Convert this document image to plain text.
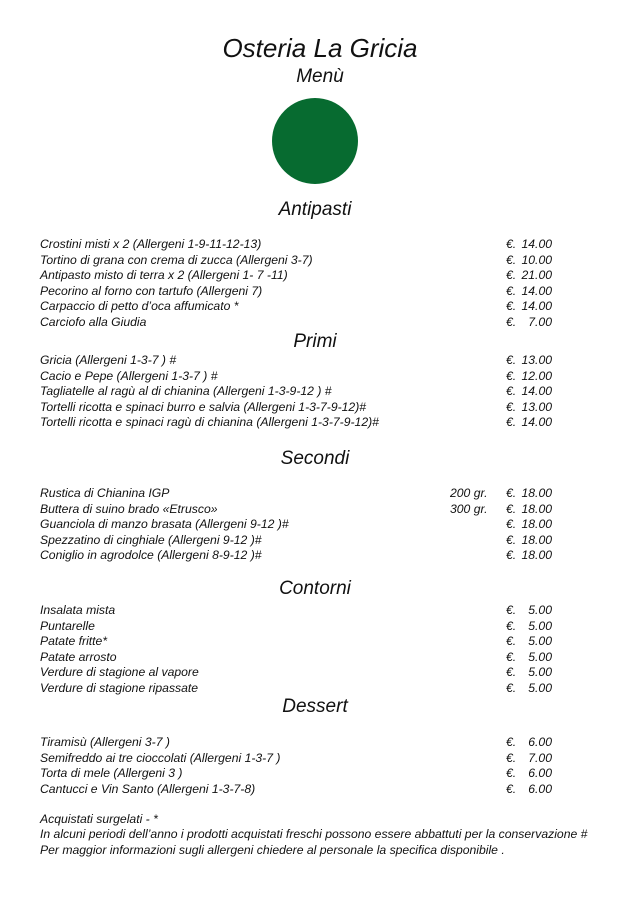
Osteria La Gricia
Menù
Antipasti
Crostini misti x 2 (Allergeni 1-9-11-12-13)	€. 14.00
Tortino di grana con crema di zucca (Allergeni 3-7)	€. 10.00
Antipasto misto di terra x 2 (Allergeni 1- 7 -11)	€. 21.00
Pecorino al forno con tartufo (Allergeni 7)	€. 14.00
Carpaccio di petto d’oca affumicato *	€. 14.00
Carciofo alla Giudia	€. 7.00
Primi
Gricia (Allergeni 1-3-7 ) #	€. 13.00
Cacio e Pepe (Allergeni 1-3-7 ) #	€. 12.00
Tagliatelle al ragù al di chianina (Allergeni 1-3-9-12 ) #	€. 14.00
Tortelli ricotta e spinaci burro e salvia (Allergeni 1-3-7-9-12)#	€. 13.00
Tortelli ricotta e spinaci ragù di chianina (Allergeni 1-3-7-9-12)#	€. 14.00
Secondi
Rustica di Chianina IGP	200 gr. €. 18.00
Buttera di suino brado «Etrusco»	300 gr. €. 18.00
Guanciola di manzo brasata (Allergeni 9-12 )#	€. 18.00
Spezzatino di cinghiale (Allergeni 9-12 )#	€. 18.00
Coniglio in agrodolce (Allergeni 8-9-12 )#	€. 18.00
Contorni
Insalata mista	€. 5.00
Puntarelle	€. 5.00
Patate fritte*	€. 5.00
Patate arrosto	€. 5.00
Verdure di stagione al vapore	€. 5.00
Verdure di stagione ripassate	€. 5.00
Dessert
Tiramisù (Allergeni 3-7 )	€. 6.00
Semifreddo ai tre cioccolati (Allergeni 1-3-7 )	€. 7.00
Torta di mele (Allergeni 3 )	€. 6.00
Cantucci e Vin Santo (Allergeni 1-3-7-8)	€. 6.00
Acquistati surgelati - *
In alcuni periodi dell’anno i prodotti acquistati freschi possono essere abbattuti per la conservazione #
Per maggior informazioni sugli allergeni chiedere al personale la specifica disponibile .
